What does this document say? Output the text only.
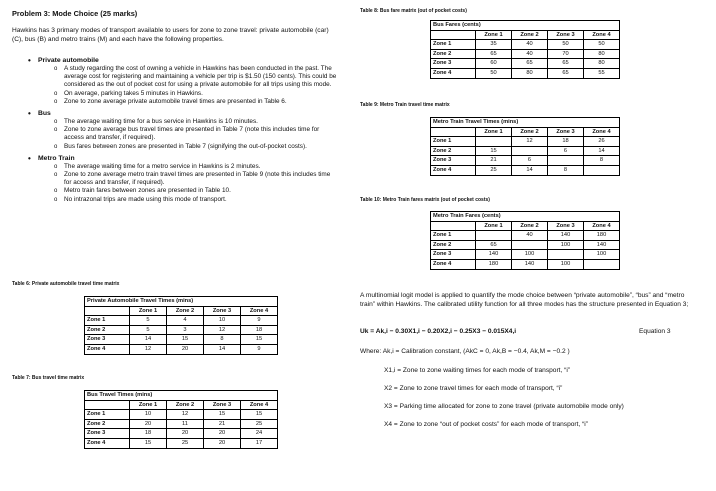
Problem 3: Mode Choice (25 marks)
Hawkins has 3 primary modes of transport available to users for zone to zone travel: private automobile (car) (C), bus (B) and metro trains (M) and each have the following properties.
• Private automobile
o A study regarding the cost of owning a vehicle in Hawkins has been conducted in the past. The average cost for registering and maintaining a vehicle per trip is $1.50 (150 cents). This could be considered as the out of pocket cost for using a private automobile for all trips using this mode.
o On average, parking takes 5 minutes in Hawkins.
o Zone to zone average private automobile travel times are presented in Table 6.
• Bus
o The average waiting time for a bus service in Hawkins is 10 minutes.
o Zone to zone average bus travel times are presented in Table 7 (note this includes time for access and transfer, if required).
o Bus fares between zones are presented in Table 7 (signifying the out-of-pocket costs).
• Metro Train
o The average waiting time for a metro service in Hawkins is 2 minutes.
o Zone to zone average metro train travel times are presented in Table 9 (note this includes time for access and transfer, if required).
o Metro train fares between zones are presented in Table 10.
o No intrazonal trips are made using this mode of transport.
Table 6: Private automobile travel time matrix
Private Automobile Travel Times (mins)				
	Zone 1	Zone 2	Zone 3	Zone 4
Zone 1	5	4	10	9
Zone 2	5	3	12	18
Zone 3	14	15	8	15
Zone 4	12	20	14	9
Table 7: Bus travel time matrix
Bus Travel Times (mins)				
	Zone 1	Zone 2	Zone 3	Zone 4
Zone 1	10	12	15	15
Zone 2	20	11	21	25
Zone 3	18	20	20	24
Zone 4	15	25	20	17
Table 8: Bus fare matrix (out of pocket costs)
Bus Fares (cents)				
	Zone 1	Zone 2	Zone 3	Zone 4
Zone 1	35	40	50	50
Zone 2	65	40	70	80
Zone 3	60	65	65	80
Zone 4	50	80	65	55
Table 9: Metro Train travel time matrix
Metro Train Travel Times (mins)				
	Zone 1	Zone 2	Zone 3	Zone 4
Zone 1		12	18	26
Zone 2	15		6	14
Zone 3	21	6		8
Zone 4	25	14	8	
Table 10: Metro Train fares matrix (out of pocket costs)
Metro Train Fares (cents)				
	Zone 1	Zone 2	Zone 3	Zone 4
Zone 1		40	140	180
Zone 2	65		100	140
Zone 3	140	100		100
Zone 4	180	140	100	
A multinomial logit model is applied to quantify the mode choice between “private automobile”, “bus” and “metro train” within Hawkins. The calibrated utility function for all three modes has the structure presented in Equation 3;
Uk = Ak,i − 0.30X1,i − 0.20X2,i − 0.25X3 − 0.015X4,i	Equation 3
Where: Ak,i = Calibration constant, (AkC = 0, Ak,B = −0.4, Ak,M = −0.2 )
X1,i = Zone to zone waiting times for each mode of transport, “i”
X2 = Zone to zone travel times for each mode of transport, “i”
X3 = Parking time allocated for zone to zone travel (private automobile mode only)
X4 = Zone to zone “out of pocket costs” for each mode of transport, “i”
